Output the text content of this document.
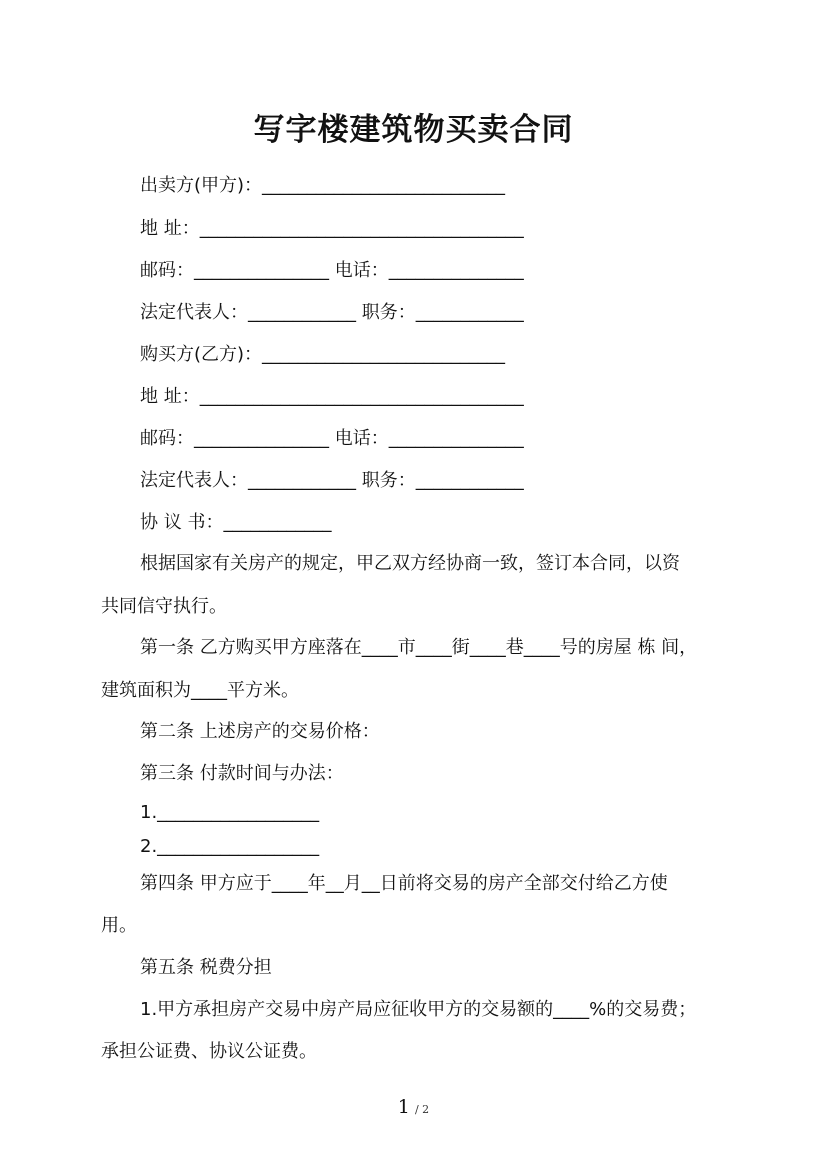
写字楼建筑物买卖合同
出卖方(甲方)：___________________________
地 址：____________________________________
邮码：_______________ 电话：_______________
法定代表人：____________ 职务：____________
购买方(乙方)：___________________________
地 址：____________________________________
邮码：_______________ 电话：_______________
法定代表人：____________ 职务：____________
协 议 书：____________
根据国家有关房产的规定，甲乙双方经协商一致，签订本合同，以资
共同信守执行。
第一条 乙方购买甲方座落在____市____街____巷____号的房屋 栋 间，
建筑面积为____平方米。
第二条 上述房产的交易价格：
第三条 付款时间与办法：
1.__________________
2.__________________
第四条 甲方应于____年__月__日前将交易的房产全部交付给乙方使
用。
第五条 税费分担
1.甲方承担房产交易中房产局应征收甲方的交易额的____%的交易费；
承担公证费、协议公证费。
1 / 2
